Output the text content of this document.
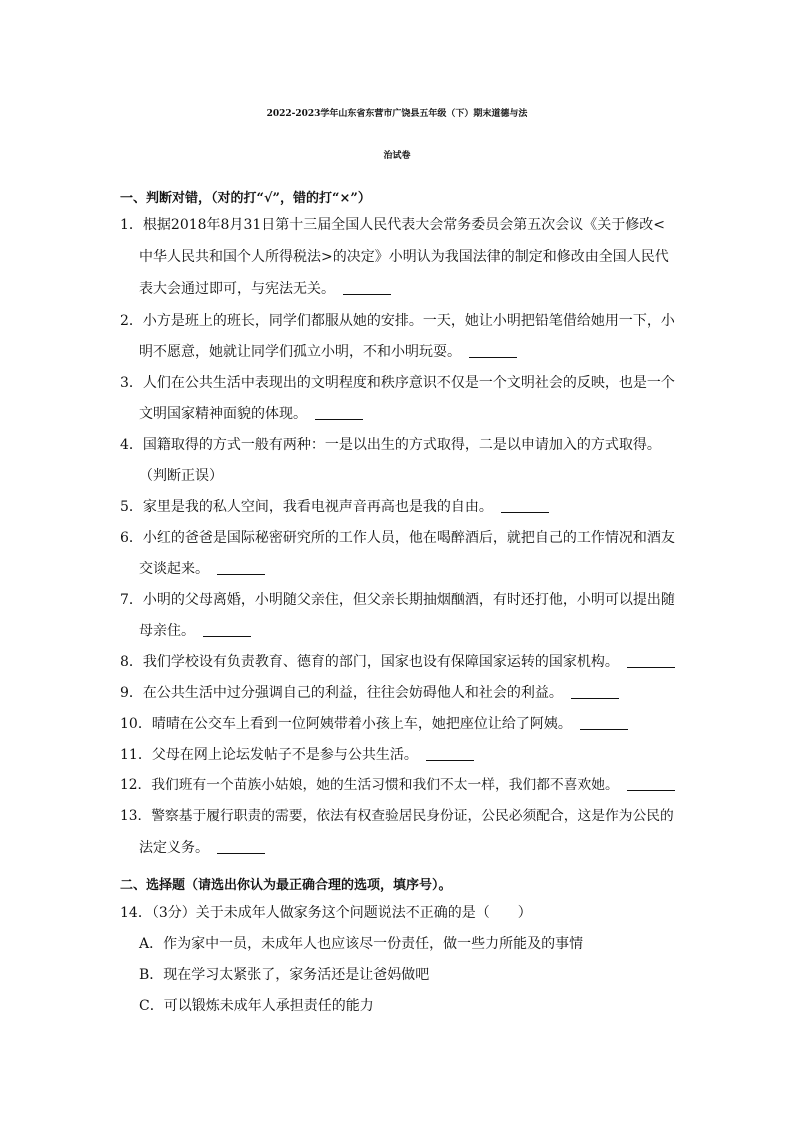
2022-2023学年山东省东营市广饶县五年级（下）期末道德与法
治试卷
一、判断对错，（对的打“√”，错的打“×”）
1．根据2018年8月31日第十三届全国人民代表大会常务委员会第五次会议《关于修改<
中华人民共和国个人所得税法>的决定》小明认为我国法律的制定和修改由全国人民代
表大会通过即可，与宪法无关。
2．小方是班上的班长，同学们都服从她的安排。一天，她让小明把铅笔借给她用一下，小
明不愿意，她就让同学们孤立小明，不和小明玩耍。
3．人们在公共生活中表现出的文明程度和秩序意识不仅是一个文明社会的反映，也是一个
文明国家精神面貌的体现。
4．国籍取得的方式一般有两种：一是以出生的方式取得，二是以申请加入的方式取得。
（判断正误）
5．家里是我的私人空间，我看电视声音再高也是我的自由。
6．小红的爸爸是国际秘密研究所的工作人员，他在喝醉酒后，就把自己的工作情况和酒友
交谈起来。
7．小明的父母离婚，小明随父亲住，但父亲长期抽烟酗酒，有时还打他，小明可以提出随
母亲住。
8．我们学校设有负责教育、德育的部门，国家也设有保障国家运转的国家机构。
9．在公共生活中过分强调自己的利益，往往会妨碍他人和社会的利益。
10．晴晴在公交车上看到一位阿姨带着小孩上车，她把座位让给了阿姨。
11．父母在网上论坛发帖子不是参与公共生活。
12．我们班有一个苗族小姑娘，她的生活习惯和我们不太一样，我们都不喜欢她。
13．警察基于履行职责的需要，依法有权查验居民身份证，公民必须配合，这是作为公民的
法定义务。
二、选择题（请选出你认为最正确合理的选项，填序号）。
14．（3分）关于未成年人做家务这个问题说法不正确的是（　　）
A．作为家中一员，未成年人也应该尽一份责任，做一些力所能及的事情
B．现在学习太紧张了，家务活还是让爸妈做吧
C．可以锻炼未成年人承担责任的能力
